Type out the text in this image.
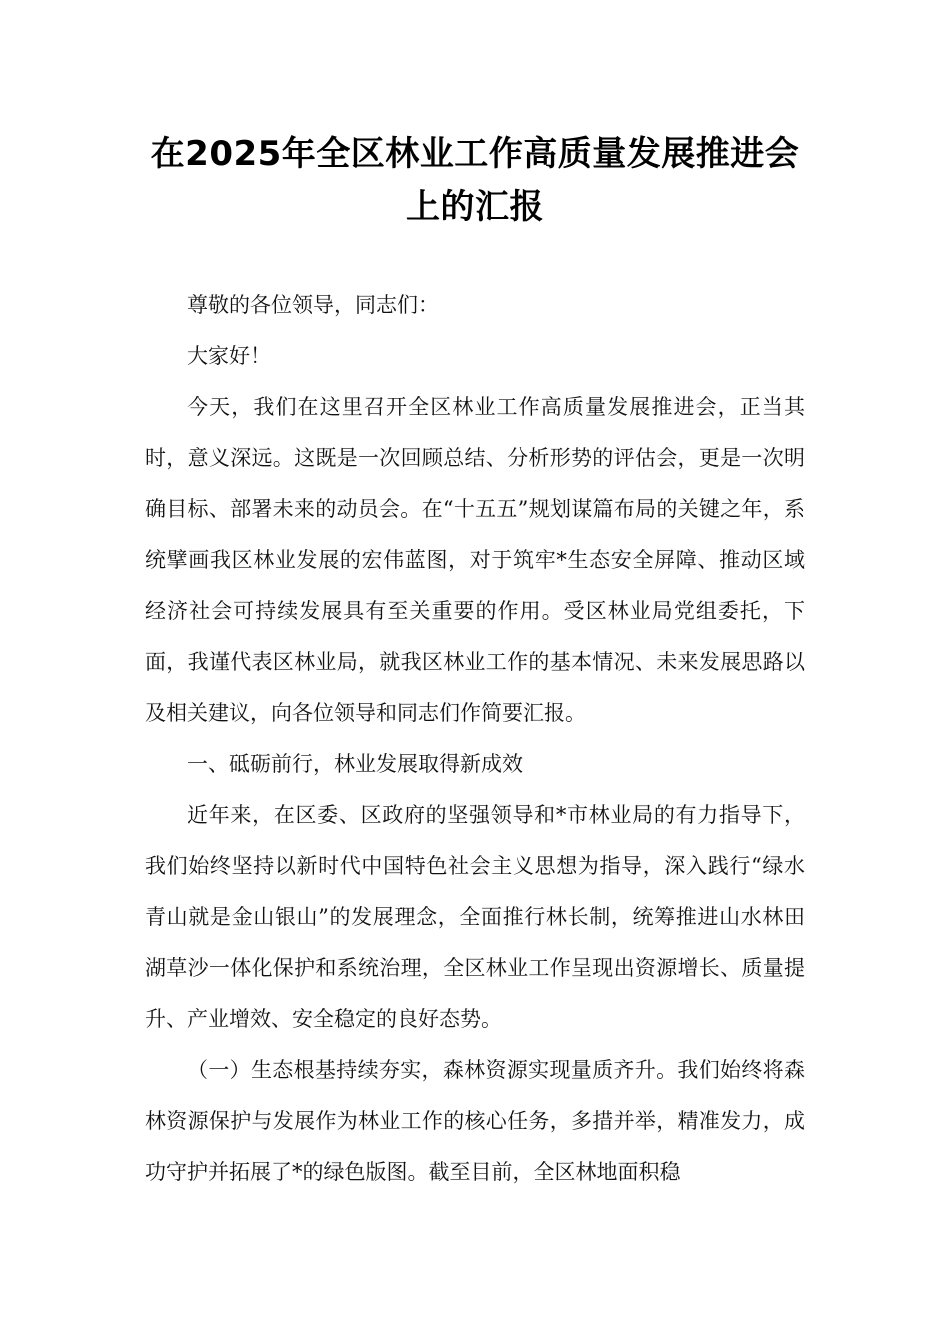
在2025年全区林业工作高质量发展推进会
上的汇报

尊敬的各位领导，同志们：

大家好！

今天，我们在这里召开全区林业工作高质量发展推进会，正当其时，意义深远。这既是一次回顾总结、分析形势的评估会，更是一次明确目标、部署未来的动员会。在“十五五”规划谋篇布局的关键之年，系统擘画我区林业发展的宏伟蓝图，对于筑牢*生态安全屏障、推动区域经济社会可持续发展具有至关重要的作用。受区林业局党组委托，下面，我谨代表区林业局，就我区林业工作的基本情况、未来发展思路以及相关建议，向各位领导和同志们作简要汇报。

一、砥砺前行，林业发展取得新成效

近年来，在区委、区政府的坚强领导和*市林业局的有力指导下，我们始终坚持以新时代中国特色社会主义思想为指导，深入践行“绿水青山就是金山银山”的发展理念，全面推行林长制，统筹推进山水林田湖草沙一体化保护和系统治理，全区林业工作呈现出资源增长、质量提升、产业增效、安全稳定的良好态势。

（一）生态根基持续夯实，森林资源实现量质齐升。我们始终将森林资源保护与发展作为林业工作的核心任务，多措并举，精准发力，成功守护并拓展了*的绿色版图。截至目前，全区林地面积稳
